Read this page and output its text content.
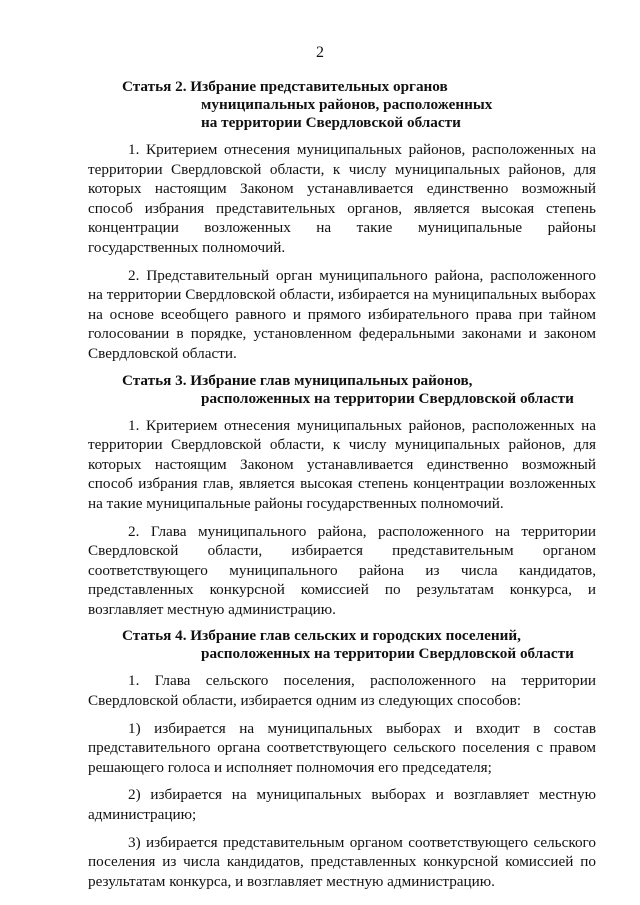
2
Статья 2. Избрание представительных органов
муниципальных районов, расположенных
на территории Свердловской области

1. Критерием отнесения муниципальных районов, расположенных на территории Свердловской области, к числу муниципальных районов, для которых настоящим Законом устанавливается единственно возможный способ избрания представительных органов, является высокая степень концентрации возложенных на такие муниципальные районы государственных полномочий.

2. Представительный орган муниципального района, расположенного на территории Свердловской области, избирается на муниципальных выборах на основе всеобщего равного и прямого избирательного права при тайном голосовании в порядке, установленном федеральными законами и законом Свердловской области.

Статья 3. Избрание глав муниципальных районов,
расположенных на территории Свердловской области

1. Критерием отнесения муниципальных районов, расположенных на территории Свердловской области, к числу муниципальных районов, для которых настоящим Законом устанавливается единственно возможный способ избрания глав, является высокая степень концентрации возложенных на такие муниципальные районы государственных полномочий.

2. Глава муниципального района, расположенного на территории Свердловской области, избирается представительным органом соответствующего муниципального района из числа кандидатов, представленных конкурсной комиссией по результатам конкурса, и возглавляет местную администрацию.

Статья 4. Избрание глав сельских и городских поселений,
расположенных на территории Свердловской области

1. Глава сельского поселения, расположенного на территории Свердловской области, избирается одним из следующих способов:

1) избирается на муниципальных выборах и входит в состав представительного органа соответствующего сельского поселения с правом решающего голоса и исполняет полномочия его председателя;

2) избирается на муниципальных выборах и возглавляет местную администрацию;

3) избирается представительным органом соответствующего сельского поселения из числа кандидатов, представленных конкурсной комиссией по результатам конкурса, и возглавляет местную администрацию.
